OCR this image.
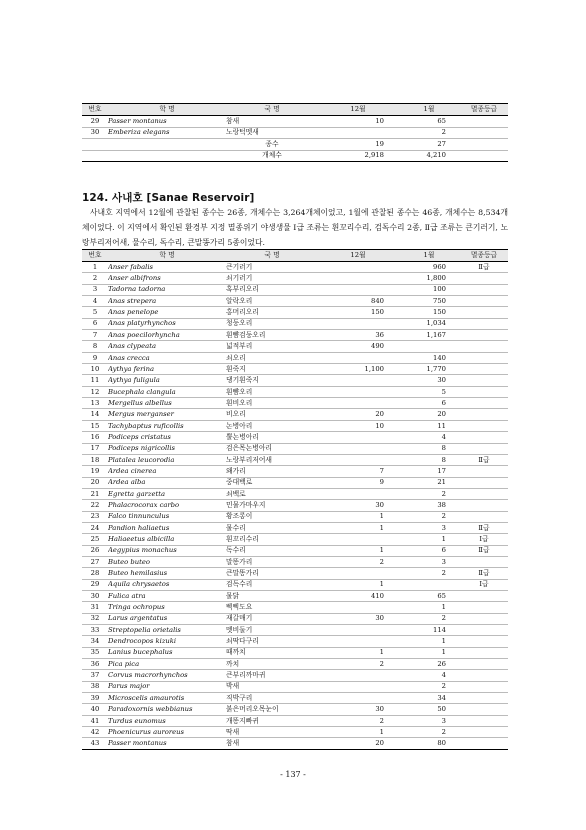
번호	학 명	국 명	12월	1월	멸종등급
29	Passer montanus	참새	10	65	
30	Emberiza elegans	노랑턱멧새		2	
		종수	19	27	
		개체수	2,918	4,210	
124. 사내호 [Sanae Reservoir]
사내호 지역에서 12월에 관찰된 종수는 26종, 개체수는 3,264개체이었고, 1월에 관찰된 종수는 46종, 개체수는 8,534개체이었다. 이 지역에서 확인된 환경부 지정 멸종위기 야생생물 Ⅰ급 조류는 흰꼬리수리, 검독수리 2종, Ⅱ급 조류는 큰기러기, 노랑부리저어새, 물수리, 독수리, 큰말똥가리 5종이었다.
번호	학 명	국 명	12월	1월	멸종등급
1	Anser fabalis	큰기러기		960	Ⅱ급
2	Anser albifrons	쇠기러기		1,800	
3	Tadorna tadorna	혹부리오리		100	
4	Anas strepera	알락오리	840	750	
5	Anas penelope	홍머리오리	150	150	
6	Anas platyrhynchos	청둥오리		1,034	
7	Anas poecilorhyncha	흰뺨검둥오리	36	1,167	
8	Anas clypeata	넓적부리	490		
9	Anas crecca	쇠오리		140	
10	Aythya ferina	흰죽지	1,100	1,770	
11	Aythya fuligula	댕기흰죽지		30	
12	Bucephala clangula	흰뺨오리		5	
13	Mergellus albellus	흰비오리		6	
14	Mergus merganser	비오리	20	20	
15	Tachybaptus ruficollis	논병아리	10	11	
16	Podiceps cristatus	뿔논병아리		4	
17	Podiceps nigricollis	검은목논병아리		8	
18	Platalea leucorodia	노랑부리저어새		8	Ⅱ급
19	Ardea cinerea	왜가리	7	17	
20	Ardea alba	중대백로	9	21	
21	Egretta garzetta	쇠백로		2	
22	Phalacrocorax carbo	민물가마우지	30	38	
23	Falco tinnunculus	황조롱이	1	2	
24	Pandion haliaetus	물수리	1	3	Ⅱ급
25	Haliaeetus albicilla	흰꼬리수리		1	Ⅰ급
26	Aegypius monachus	독수리	1	6	Ⅱ급
27	Buteo buteo	말똥가리	2	3	
28	Buteo hemilasius	큰말똥가리		2	Ⅱ급
29	Aquila chrysaetos	검독수리	1		Ⅰ급
30	Fulica atra	물닭	410	65	
31	Tringa ochropus	삑삑도요		1	
32	Larus argentatus	재갈매기	30	2	
33	Streptopelia orietalis	멧비둘기		114	
34	Dendrocopos kizuki	쇠딱다구리		1	
35	Lanius bucephalus	때까치	1	1	
36	Pica pica	까치	2	26	
37	Corvus macrorhynchos	큰부리까마귀		4	
38	Parus major	박새		2	
39	Microscelis amaurotis	직박구리		34	
40	Paradoxornis webbianus	붉은머리오목눈이	30	50	
41	Turdus eunomus	개똥지빠귀	2	3	
42	Phoenicurus auroreus	딱새	1	2	
43	Passer montanus	참새	20	80	
- 137 -
